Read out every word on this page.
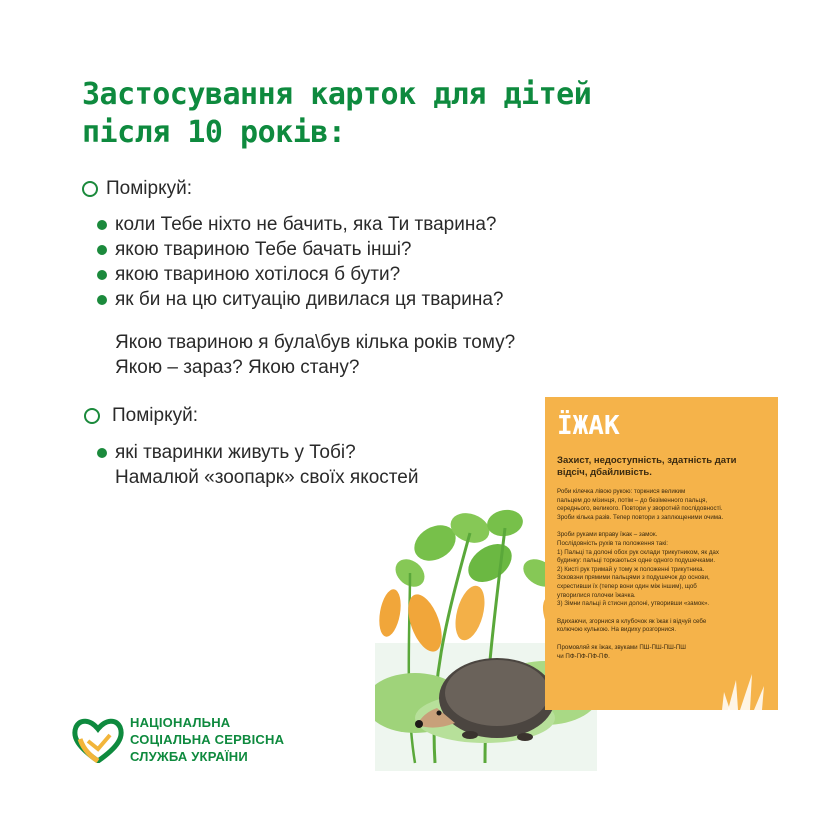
Застосування карток для дітей
після 10 років:
Поміркуй:
коли Тебе ніхто не бачить, яка Ти тварина?
якою твариною Тебе бачать інші?
якою твариною хотілося б бути?
як би на цю ситуацію дивилася ця тварина?
Якою твариною я була\був кілька років тому?
Якою – зараз? Якою стану?
Поміркуй:
які тваринки живуть у Тобі?
Намалюй «зоопарк» своїх якостей
ЇЖАК
Захист, недоступність, здатність дати відсіч, дбайливість.
Роби кілечка лівою рукою: торкнися великим
пальцем до мізинця, потім – до безіменного пальця,
середнього, великого. Повтори у зворотній послідовності.
Зроби кілька разів. Тепер повтори з заплющеними очима.
Зроби руками вправу їжак – замок.
Послідовність рухів та положення такі:
1) Пальці та долоні обох рук склади трикутником, як дах
будинку: пальці торкаються одне одного подушечками.
2) Кисті рук тримай у тому ж положенні трикутника.
Зсковзни прямими пальцями з подушечок до основи,
схрестивши їх (тепер вони один між іншим), щоб
утворилися голочки їжачка.
3) Зімни пальці й стисни долоні, утворивши «замок».
Вдихаючи, згорнися в клубочок як їжак і відчуй себе
колючою кулькою. На видиху розгорнися.
Промовляй як їжак, звуками ПШ-ПШ-ПШ-ПШ
чи ПФ-ПФ-ПФ-ПФ.
НАЦІОНАЛЬНА
СОЦІАЛЬНА СЕРВІСНА
СЛУЖБА УКРАЇНИ
